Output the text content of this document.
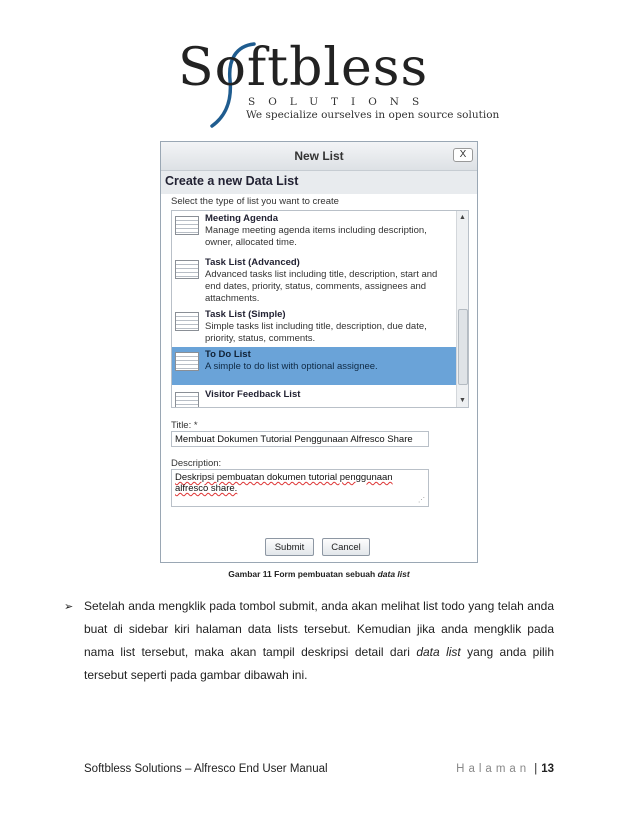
Softbless
SOLUTIONS
We specialize ourselves in open source solution
New List	X
Create a new Data List
Select the type of list you want to create
Meeting Agenda
Manage meeting agenda items including description, owner, allocated time.
Task List (Advanced)
Advanced tasks list including title, description, start and end dates, priority, status, comments, assignees and attachments.
Task List (Simple)
Simple tasks list including title, description, due date, priority, status, comments.
To Do List
A simple to do list with optional assignee.
Visitor Feedback List
▲
▼
Title: *
Membuat Dokumen Tutorial Penggunaan Alfresco Share
Description:
Deskripsi pembuatan dokumen tutorial penggunaan alfresco share.
⋰
Submit	Cancel
Gambar 11 Form pembuatan sebuah data list
➢ Setelah anda mengklik pada tombol submit, anda akan melihat list todo yang telah anda buat di sidebar kiri halaman data lists tersebut. Kemudian jika anda mengklik pada nama list tersebut, maka akan tampil deskripsi detail dari data list yang anda pilih tersebut seperti pada gambar dibawah ini.
Softbless Solutions – Alfresco End User Manual	Halaman | 13
